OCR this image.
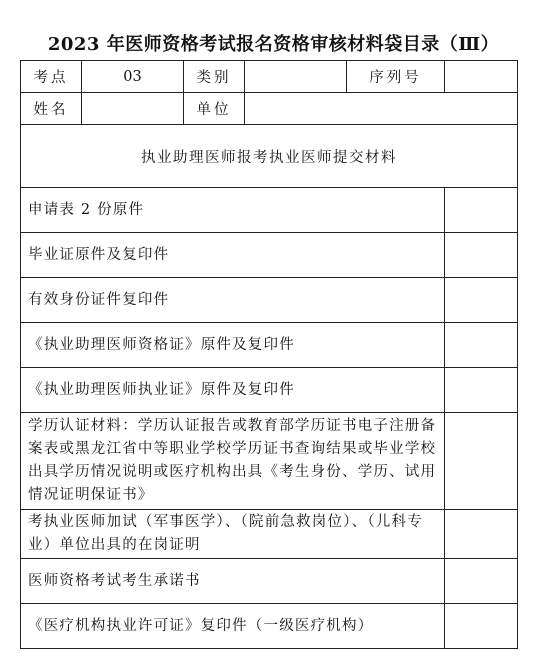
2023 年医师资格考试报名资格审核材料袋目录（Ⅲ）
考点	03	类别		序列号	
姓名		单位			
执业助理医师报考执业医师提交材料					
申请表 2 份原件					
毕业证原件及复印件					
有效身份证件复印件					
《执业助理医师资格证》原件及复印件					
《执业助理医师执业证》原件及复印件					
学历认证材料：学历认证报告或教育部学历证书电子注册备案表或黑龙江省中等职业学校学历证书查询结果或毕业学校出具学历情况说明或医疗机构出具《考生身份、学历、试用情况证明保证书》					
考执业医师加试（军事医学）、（院前急救岗位）、（儿科专业）单位出具的在岗证明					
医师资格考试考生承诺书					
《医疗机构执业许可证》复印件（一级医疗机构）					
